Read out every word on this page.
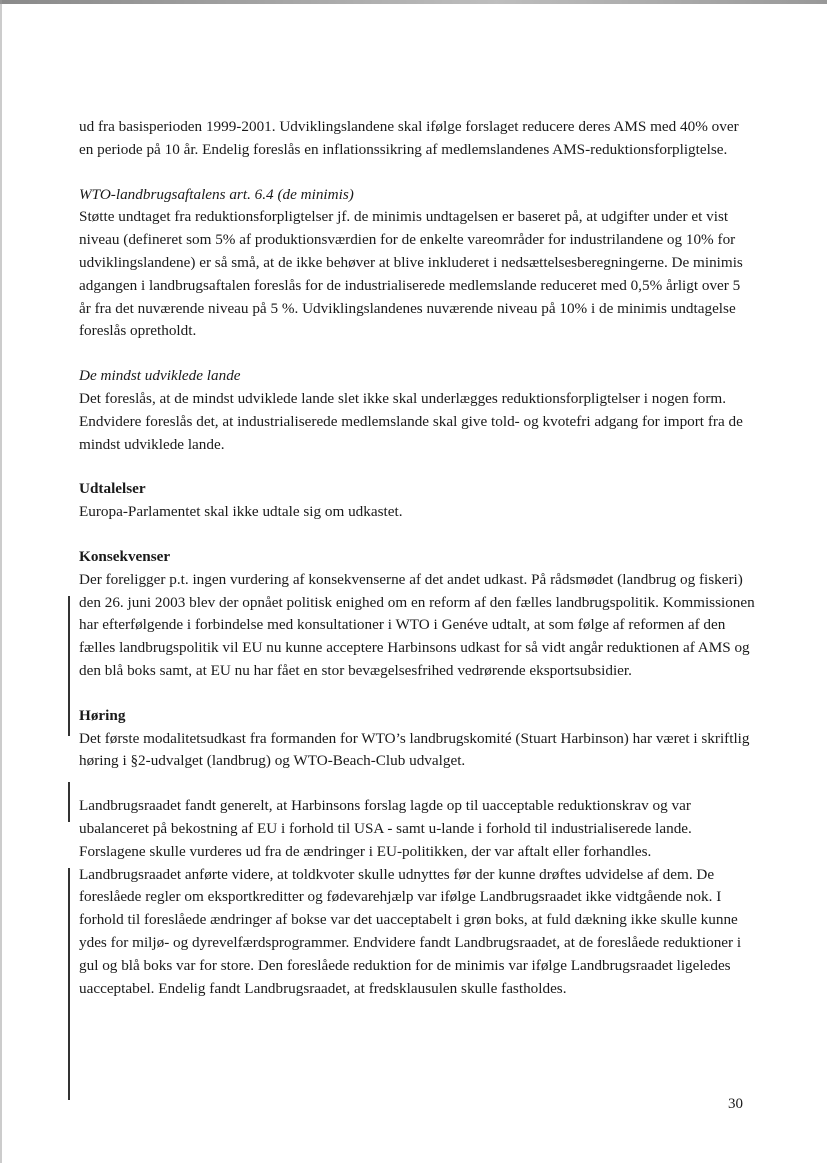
ud fra basisperioden 1999-2001. Udviklingslandene skal ifølge forslaget reducere deres AMS med 40% over en periode på 10 år. Endelig foreslås en inflationssikring af medlemslandenes AMS-reduktionsforpligtelse.

WTO-landbrugsaftalens art. 6.4 (de minimis)

Støtte undtaget fra reduktionsforpligtelser jf. de minimis undtagelsen er baseret på, at udgifter under et vist niveau (defineret som 5% af produktionsværdien for de enkelte vareområder for industrilandene og 10% for udviklingslandene) er så små, at de ikke behøver at blive inkluderet i nedsættelsesberegningerne. De minimis adgangen i landbrugsaftalen foreslås for de industrialiserede medlemslande reduceret med 0,5% årligt over 5 år fra det nuværende niveau på 5 %. Udviklingslandenes nuværende niveau på 10% i de minimis undtagelse foreslås opretholdt.

De mindst udviklede lande

Det foreslås, at de mindst udviklede lande slet ikke skal underlægges reduktionsforpligtelser i nogen form. Endvidere foreslås det, at industrialiserede medlemslande skal give told- og kvotefri adgang for import fra de mindst udviklede lande.

Udtalelser

Europa-Parlamentet skal ikke udtale sig om udkastet.

Konsekvenser

Der foreligger p.t. ingen vurdering af konsekvenserne af det andet udkast. På rådsmødet (landbrug og fiskeri) den 26. juni 2003 blev der opnået politisk enighed om en reform af den fælles landbrugspolitik. Kommissionen har efterfølgende i forbindelse med konsultationer i WTO i Genéve udtalt, at som følge af reformen af den fælles landbrugspolitik vil EU nu kunne acceptere Harbinsons udkast for så vidt angår reduktionen af AMS og den blå boks samt, at EU nu har fået en stor bevægelsesfrihed vedrørende eksportsubsidier.

Høring

Det første modalitetsudkast fra formanden for WTO’s landbrugskomité (Stuart Harbinson) har været i skriftlig høring i §2-udvalget (landbrug) og WTO-Beach-Club udvalget.

Landbrugsraadet fandt generelt, at Harbinsons forslag lagde op til uacceptable reduktionskrav og var ubalanceret på bekostning af EU i forhold til USA - samt u-lande i forhold til industrialiserede lande. Forslagene skulle vurderes ud fra de ændringer i EU-politikken, der var aftalt eller forhandles. Landbrugsraadet anførte videre, at toldkvoter skulle udnyttes før der kunne drøftes udvidelse af dem. De foreslåede regler om eksportkreditter og fødevarehjælp var ifølge Landbrugsraadet ikke vidtgående nok. I forhold til foreslåede ændringer af bokse var det uacceptabelt i grøn boks, at fuld dækning ikke skulle kunne ydes for miljø- og dyrevelfærdsprogrammer. Endvidere fandt Landbrugsraadet, at de foreslåede reduktioner i gul og blå boks var for store. Den foreslåede reduktion for de minimis var ifølge Landbrugsraadet ligeledes uacceptabel. Endelig fandt Landbrugsraadet, at fredsklausulen skulle fastholdes.

30
